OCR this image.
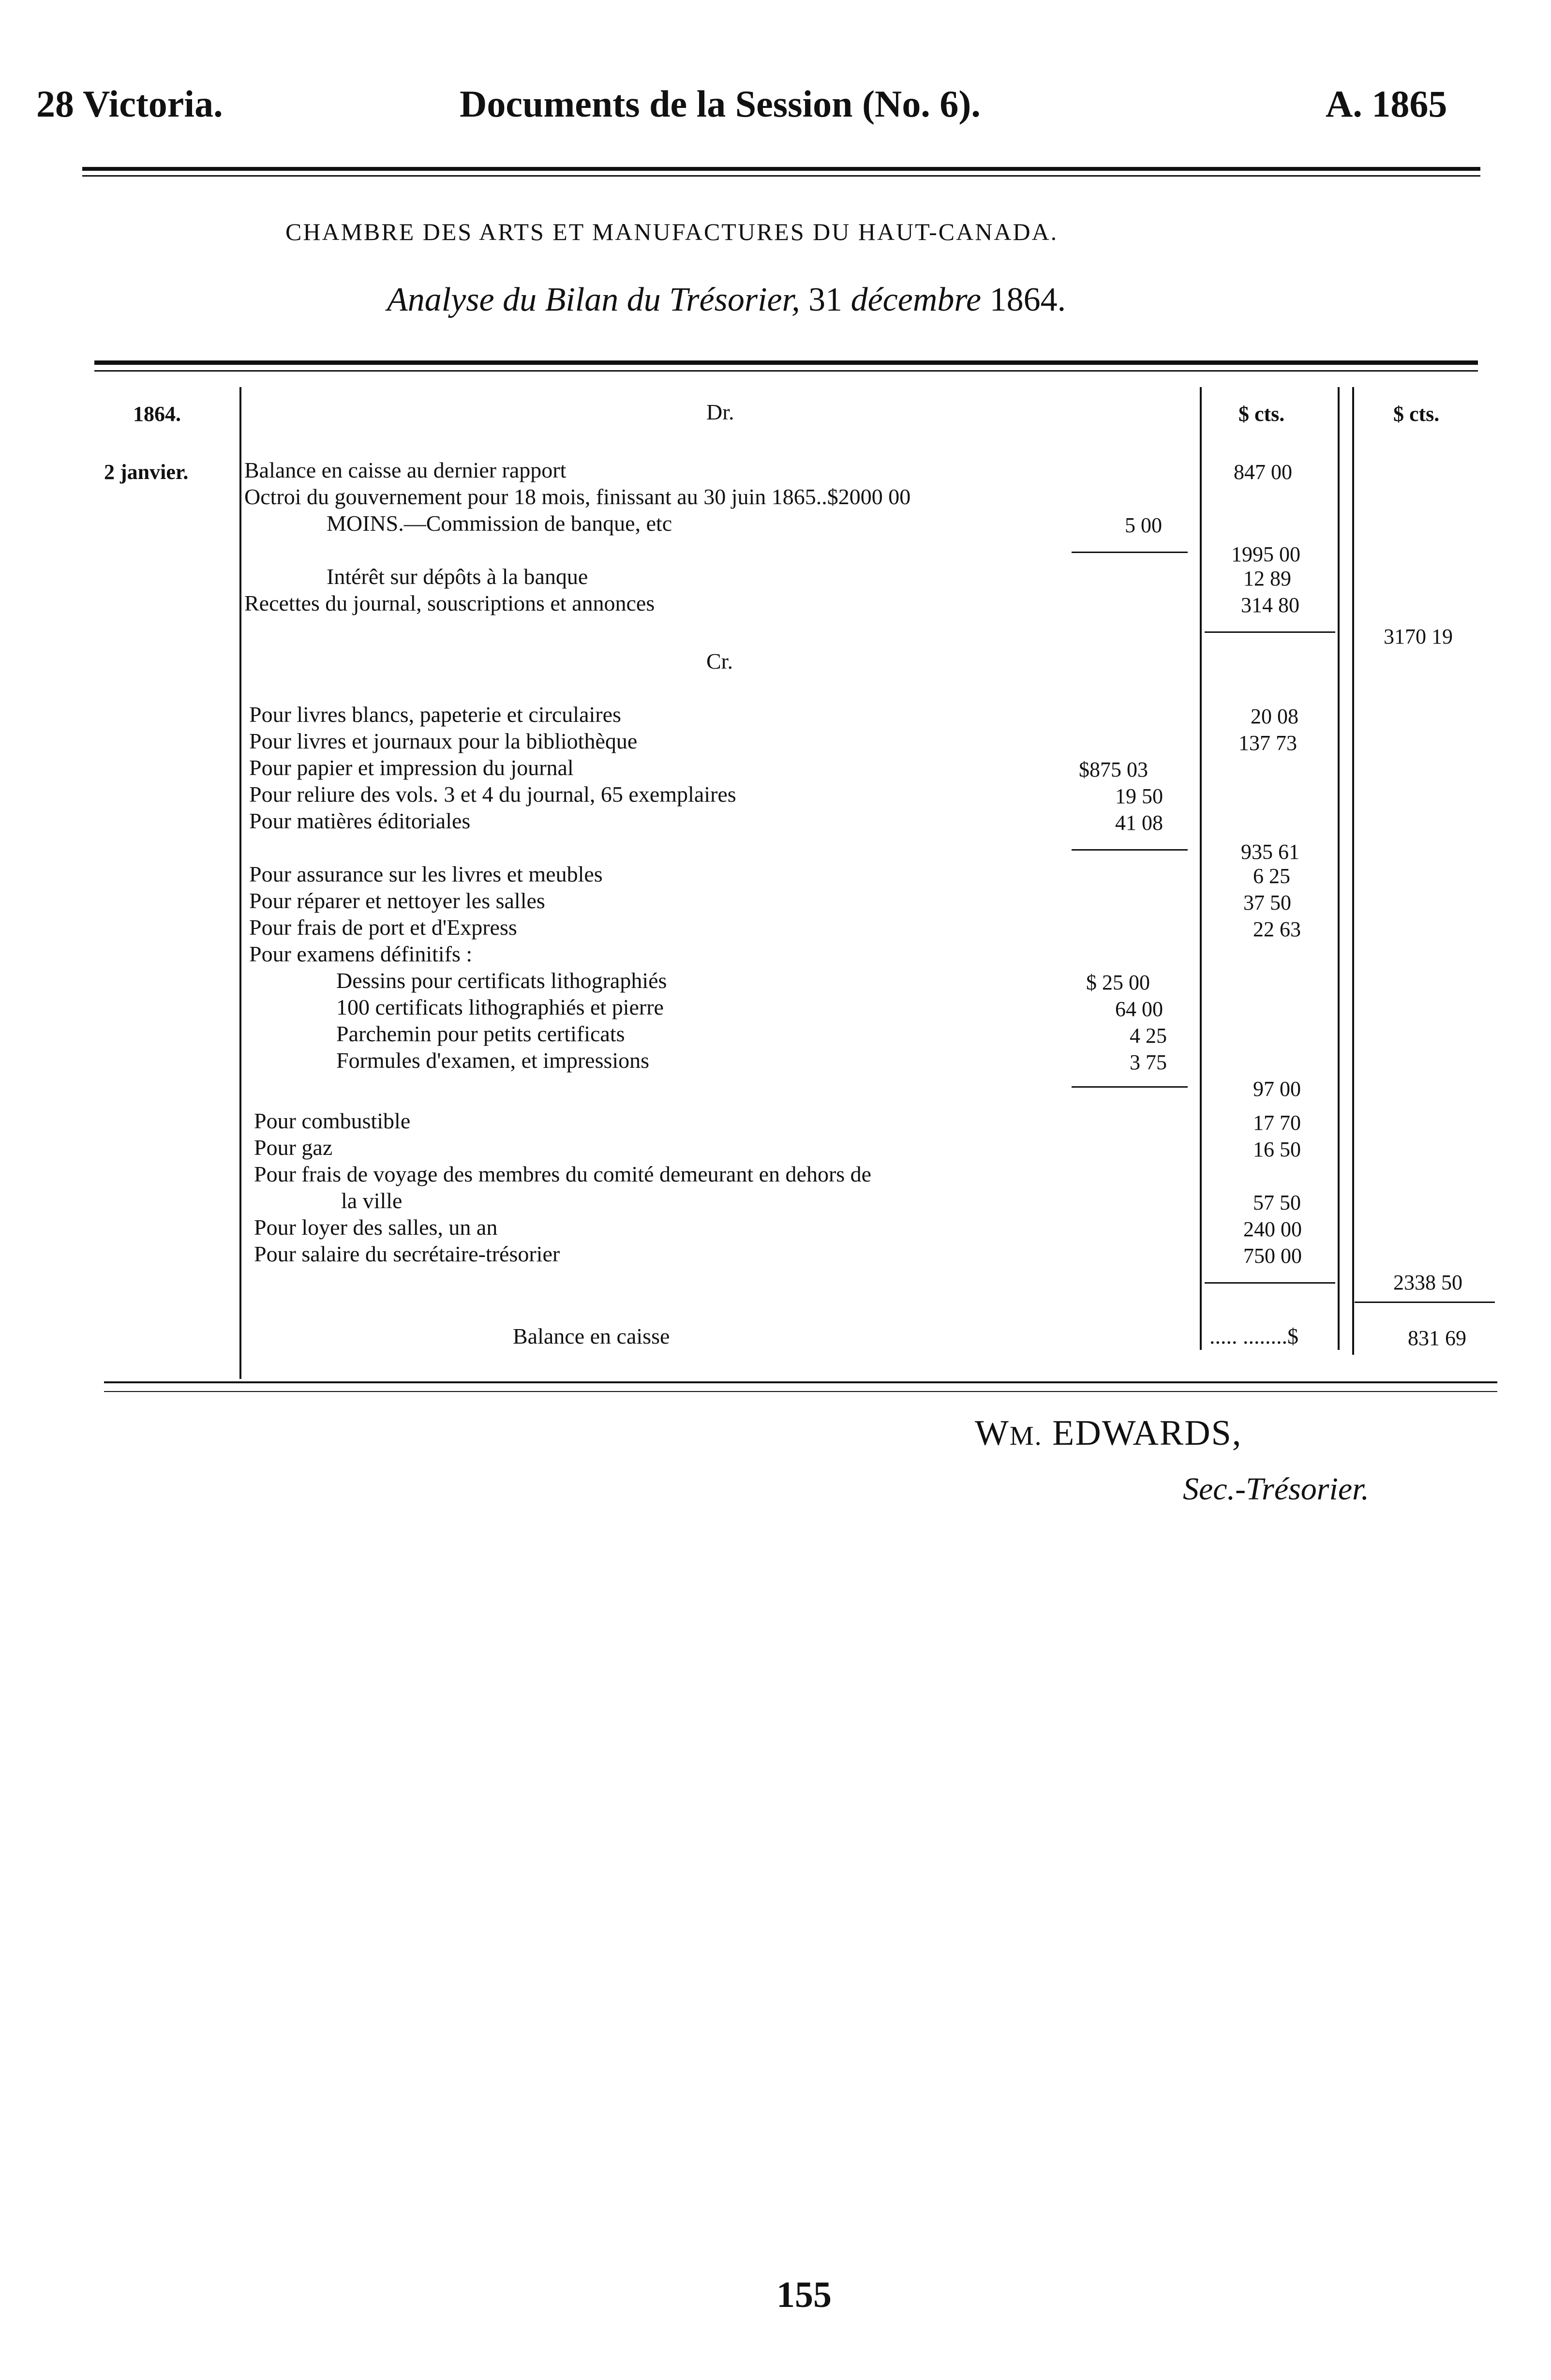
28 Victoria.	Documents de la Session (No. 6).	A. 1865
CHAMBRE DES ARTS ET MANUFACTURES DU HAUT-CANADA.
Analyse du Bilan du Trésorier, 31 décembre 1864.
1864.	Dr.	$ cts.	$ cts.
2 janvier.	Balance en caisse au dernier rapport	847 00
Octroi du gouvernement pour 18 mois, finissant au 30 juin 1865..$2000 00
MOINS.—Commission de banque, etc	5 00
1995 00
Intérêt sur dépôts à la banque	12 89
Recettes du journal, souscriptions et annonces	314 80
3170 19
Cr.
Pour livres blancs, papeterie et circulaires	20 08
Pour livres et journaux pour la bibliothèque	137 73
Pour papier et impression du journal	$875 03
Pour reliure des vols. 3 et 4 du journal, 65 exemplaires	19 50
Pour matières éditoriales	41 08
935 61
Pour assurance sur les livres et meubles	6 25
Pour réparer et nettoyer les salles	37 50
Pour frais de port et d'Express	22 63
Pour examens définitifs :
Dessins pour certificats lithographiés	$ 25 00
100 certificats lithographiés et pierre	64 00
Parchemin pour petits certificats	4 25
Formules d'examen, et impressions	3 75
97 00
Pour combustible	17 70
Pour gaz	16 50
Pour frais de voyage des membres du comité demeurant en dehors de
la ville	57 50
Pour loyer des salles, un an	240 00
Pour salaire du secrétaire-trésorier	750 00
2338 50
Balance en caisse	..... ........$	831 69
WM. EDWARDS,
Sec.-Trésorier.
155
